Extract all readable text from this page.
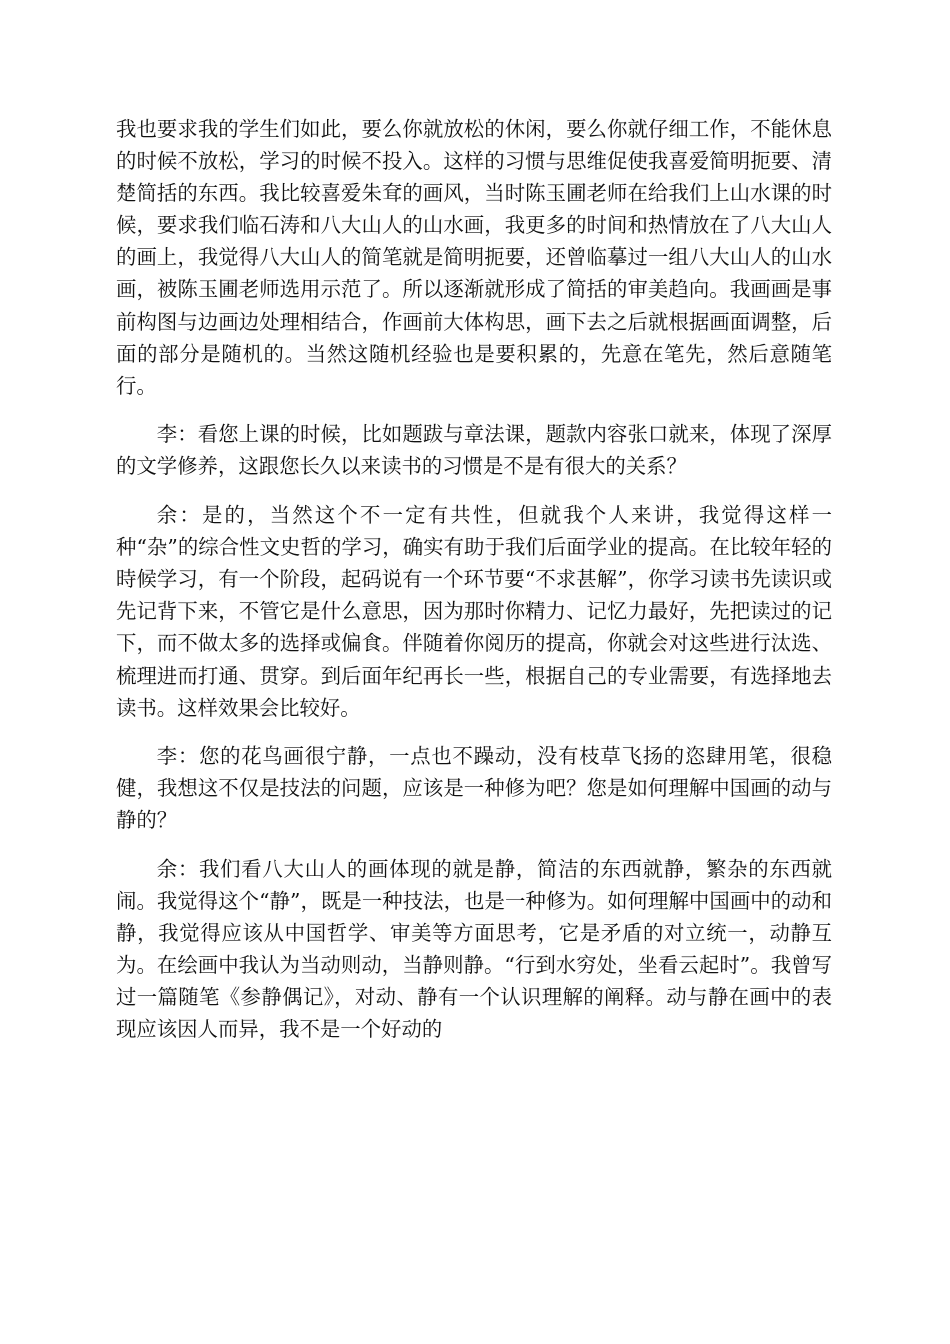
我也要求我的学生们如此，要么你就放松的休闲，要么你就仔细工作，不能休息的时候不放松，学习的时候不投入。这样的习惯与思维促使我喜爱简明扼要、清楚简括的东西。我比较喜爱朱耷的画风，当时陈玉圃老师在给我们上山水课的时候，要求我们临石涛和八大山人的山水画，我更多的时间和热情放在了八大山人的画上，我觉得八大山人的简笔就是简明扼要，还曾临摹过一组八大山人的山水画，被陈玉圃老师选用示范了。所以逐渐就形成了简括的审美趋向。我画画是事前构图与边画边处理相结合，作画前大体构思，画下去之后就根据画面调整，后面的部分是随机的。当然这随机经验也是要积累的，先意在笔先，然后意随笔行。

李：看您上课的时候，比如题跋与章法课，题款内容张口就来，体现了深厚的文学修养，这跟您长久以来读书的习惯是不是有很大的关系？

余：是的，当然这个不一定有共性，但就我个人来讲，我觉得这样一种“杂”的综合性文史哲的学习，确实有助于我们后面学业的提高。在比较年轻的時候学习，有一个阶段，起码说有一个环节要“不求甚解”，你学习读书先读识或先记背下来，不管它是什么意思，因为那时你精力、记忆力最好，先把读过的记下，而不做太多的选择或偏食。伴随着你阅历的提高，你就会对这些进行汰选、梳理进而打通、贯穿。到后面年纪再长一些，根据自己的专业需要，有选择地去读书。这样效果会比较好。

李：您的花鸟画很宁静，一点也不躁动，没有枝草飞扬的恣肆用笔，很稳健，我想这不仅是技法的问题，应该是一种修为吧？您是如何理解中国画的动与静的？

余：我们看八大山人的画体现的就是静，简洁的东西就静，繁杂的东西就闹。我觉得这个“静”，既是一种技法，也是一种修为。如何理解中国画中的动和静，我觉得应该从中国哲学、审美等方面思考，它是矛盾的对立统一，动静互为。在绘画中我认为当动则动，当静则静。“行到水穷处，坐看云起时”。我曾写过一篇随笔《参静偶记》，对动、静有一个认识理解的阐释。动与静在画中的表现应该因人而异，我不是一个好动的
